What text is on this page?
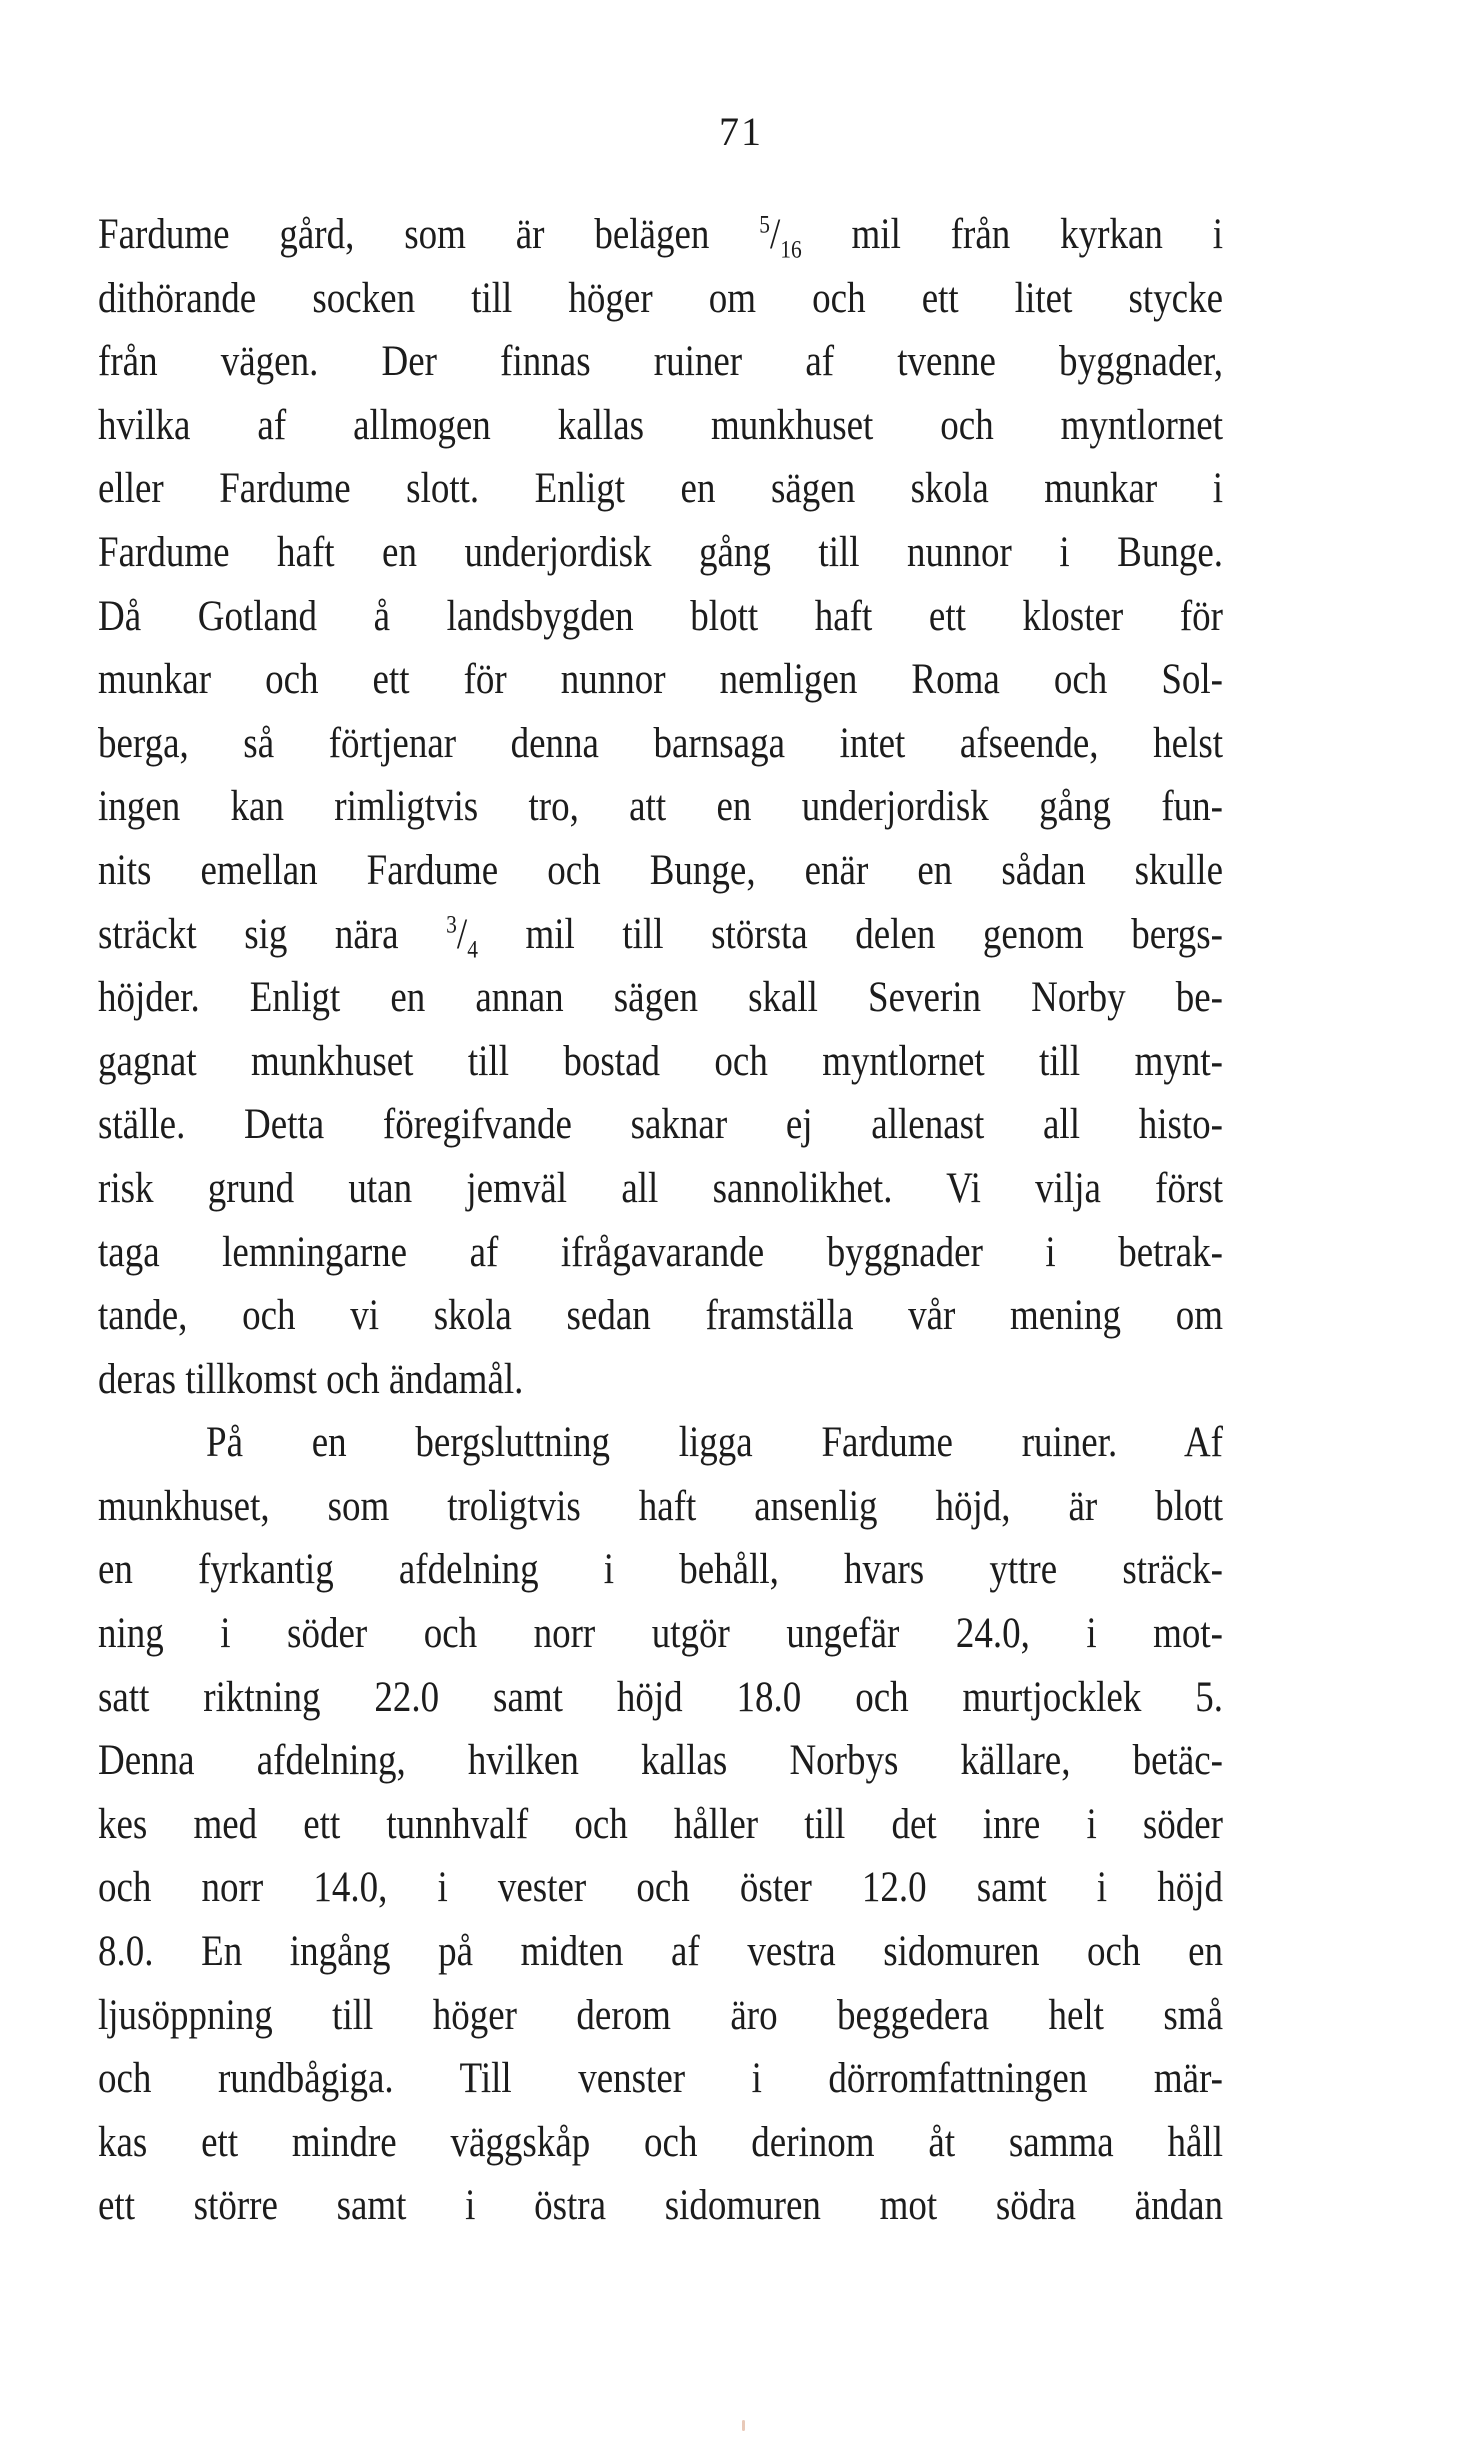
71
Fardume gård, som är belägen $^5/_{16}$ mil från kyrkan i
dithörande socken till höger om och ett litet stycke
från vägen. Der finnas ruiner af tvenne byggnader,
hvilka af allmogen kallas munkhuset och myntlornet
eller Fardume slott. Enligt en sägen skola munkar i
Fardume haft en underjordisk gång till nunnor i Bunge.
Då Gotland å landsbygden blott haft ett kloster för
munkar och ett för nunnor nemligen Roma och Sol-
berga, så förtjenar denna barnsaga intet afseende, helst
ingen kan rimligtvis tro, att en underjordisk gång fun-
nits emellan Fardume och Bunge, enär en sådan skulle
sträckt sig nära $^3/_4$ mil till största delen genom bergs-
höjder. Enligt en annan sägen skall Severin Norby be-
gagnat munkhuset till bostad och myntlornet till mynt-
ställe. Detta föregifvande saknar ej allenast all histo-
risk grund utan jemväl all sannolikhet. Vi vilja först
taga lemningarne af ifrågavarande byggnader i betrak-
tande, och vi skola sedan framställa vår mening om
deras tillkomst och ändamål.
På en bergsluttning ligga Fardume ruiner. Af
munkhuset, som troligtvis haft ansenlig höjd, är blott
en fyrkantig afdelning i behåll, hvars yttre sträck-
ning i söder och norr utgör ungefär 24.0, i mot-
satt riktning 22.0 samt höjd 18.0 och murtjocklek 5.
Denna afdelning, hvilken kallas Norbys källare, betäc-
kes med ett tunnhvalf och håller till det inre i söder
och norr 14.0, i vester och öster 12.0 samt i höjd
8.0. En ingång på midten af vestra sidomuren och en
ljusöppning till höger derom äro beggedera helt små
och rundbågiga. Till venster i dörromfattningen mär-
kas ett mindre väggskåp och derinom åt samma håll
ett större samt i östra sidomuren mot södra ändan
